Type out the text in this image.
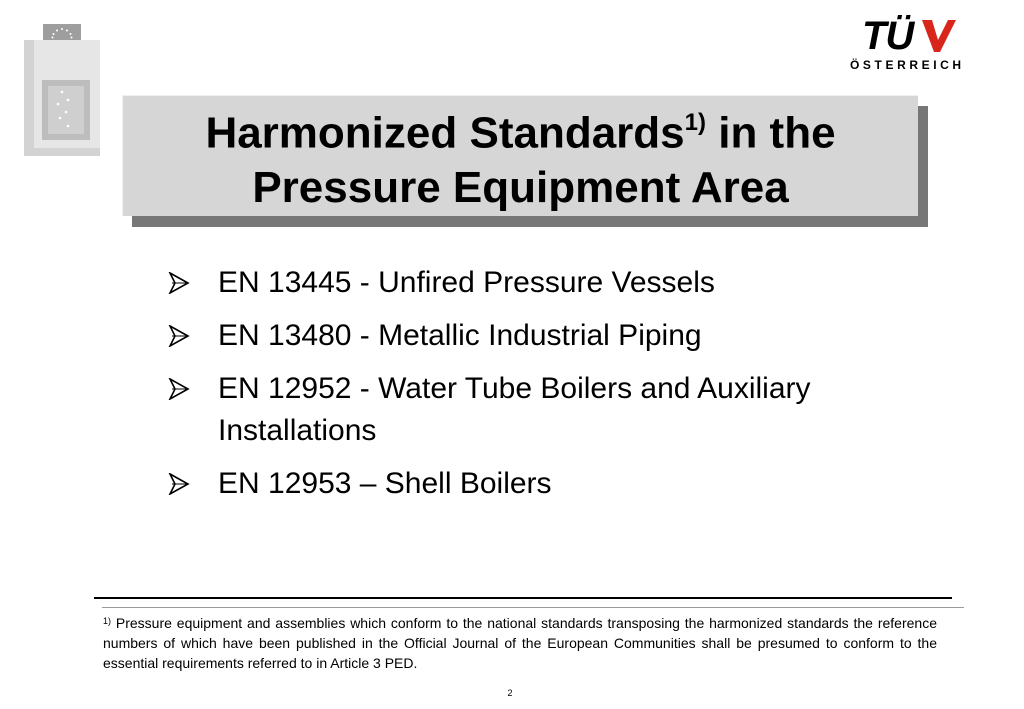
TÜ
ÖSTERREICH
Harmonized Standards$^{1)}$ in the
Pressure Equipment Area
EN 13445 - Unfired Pressure Vessels
EN 13480 - Metallic Industrial Piping
EN 12952 - Water Tube Boilers and Auxiliary Installations
EN 12953 – Shell Boilers
$^{1)}$ Pressure equipment and assemblies which conform to the national standards transposing the harmonized standards the reference numbers of which have been published in the Official Journal of the European Communities shall be presumed to conform to the essential requirements referred to in Article 3 PED.
2
